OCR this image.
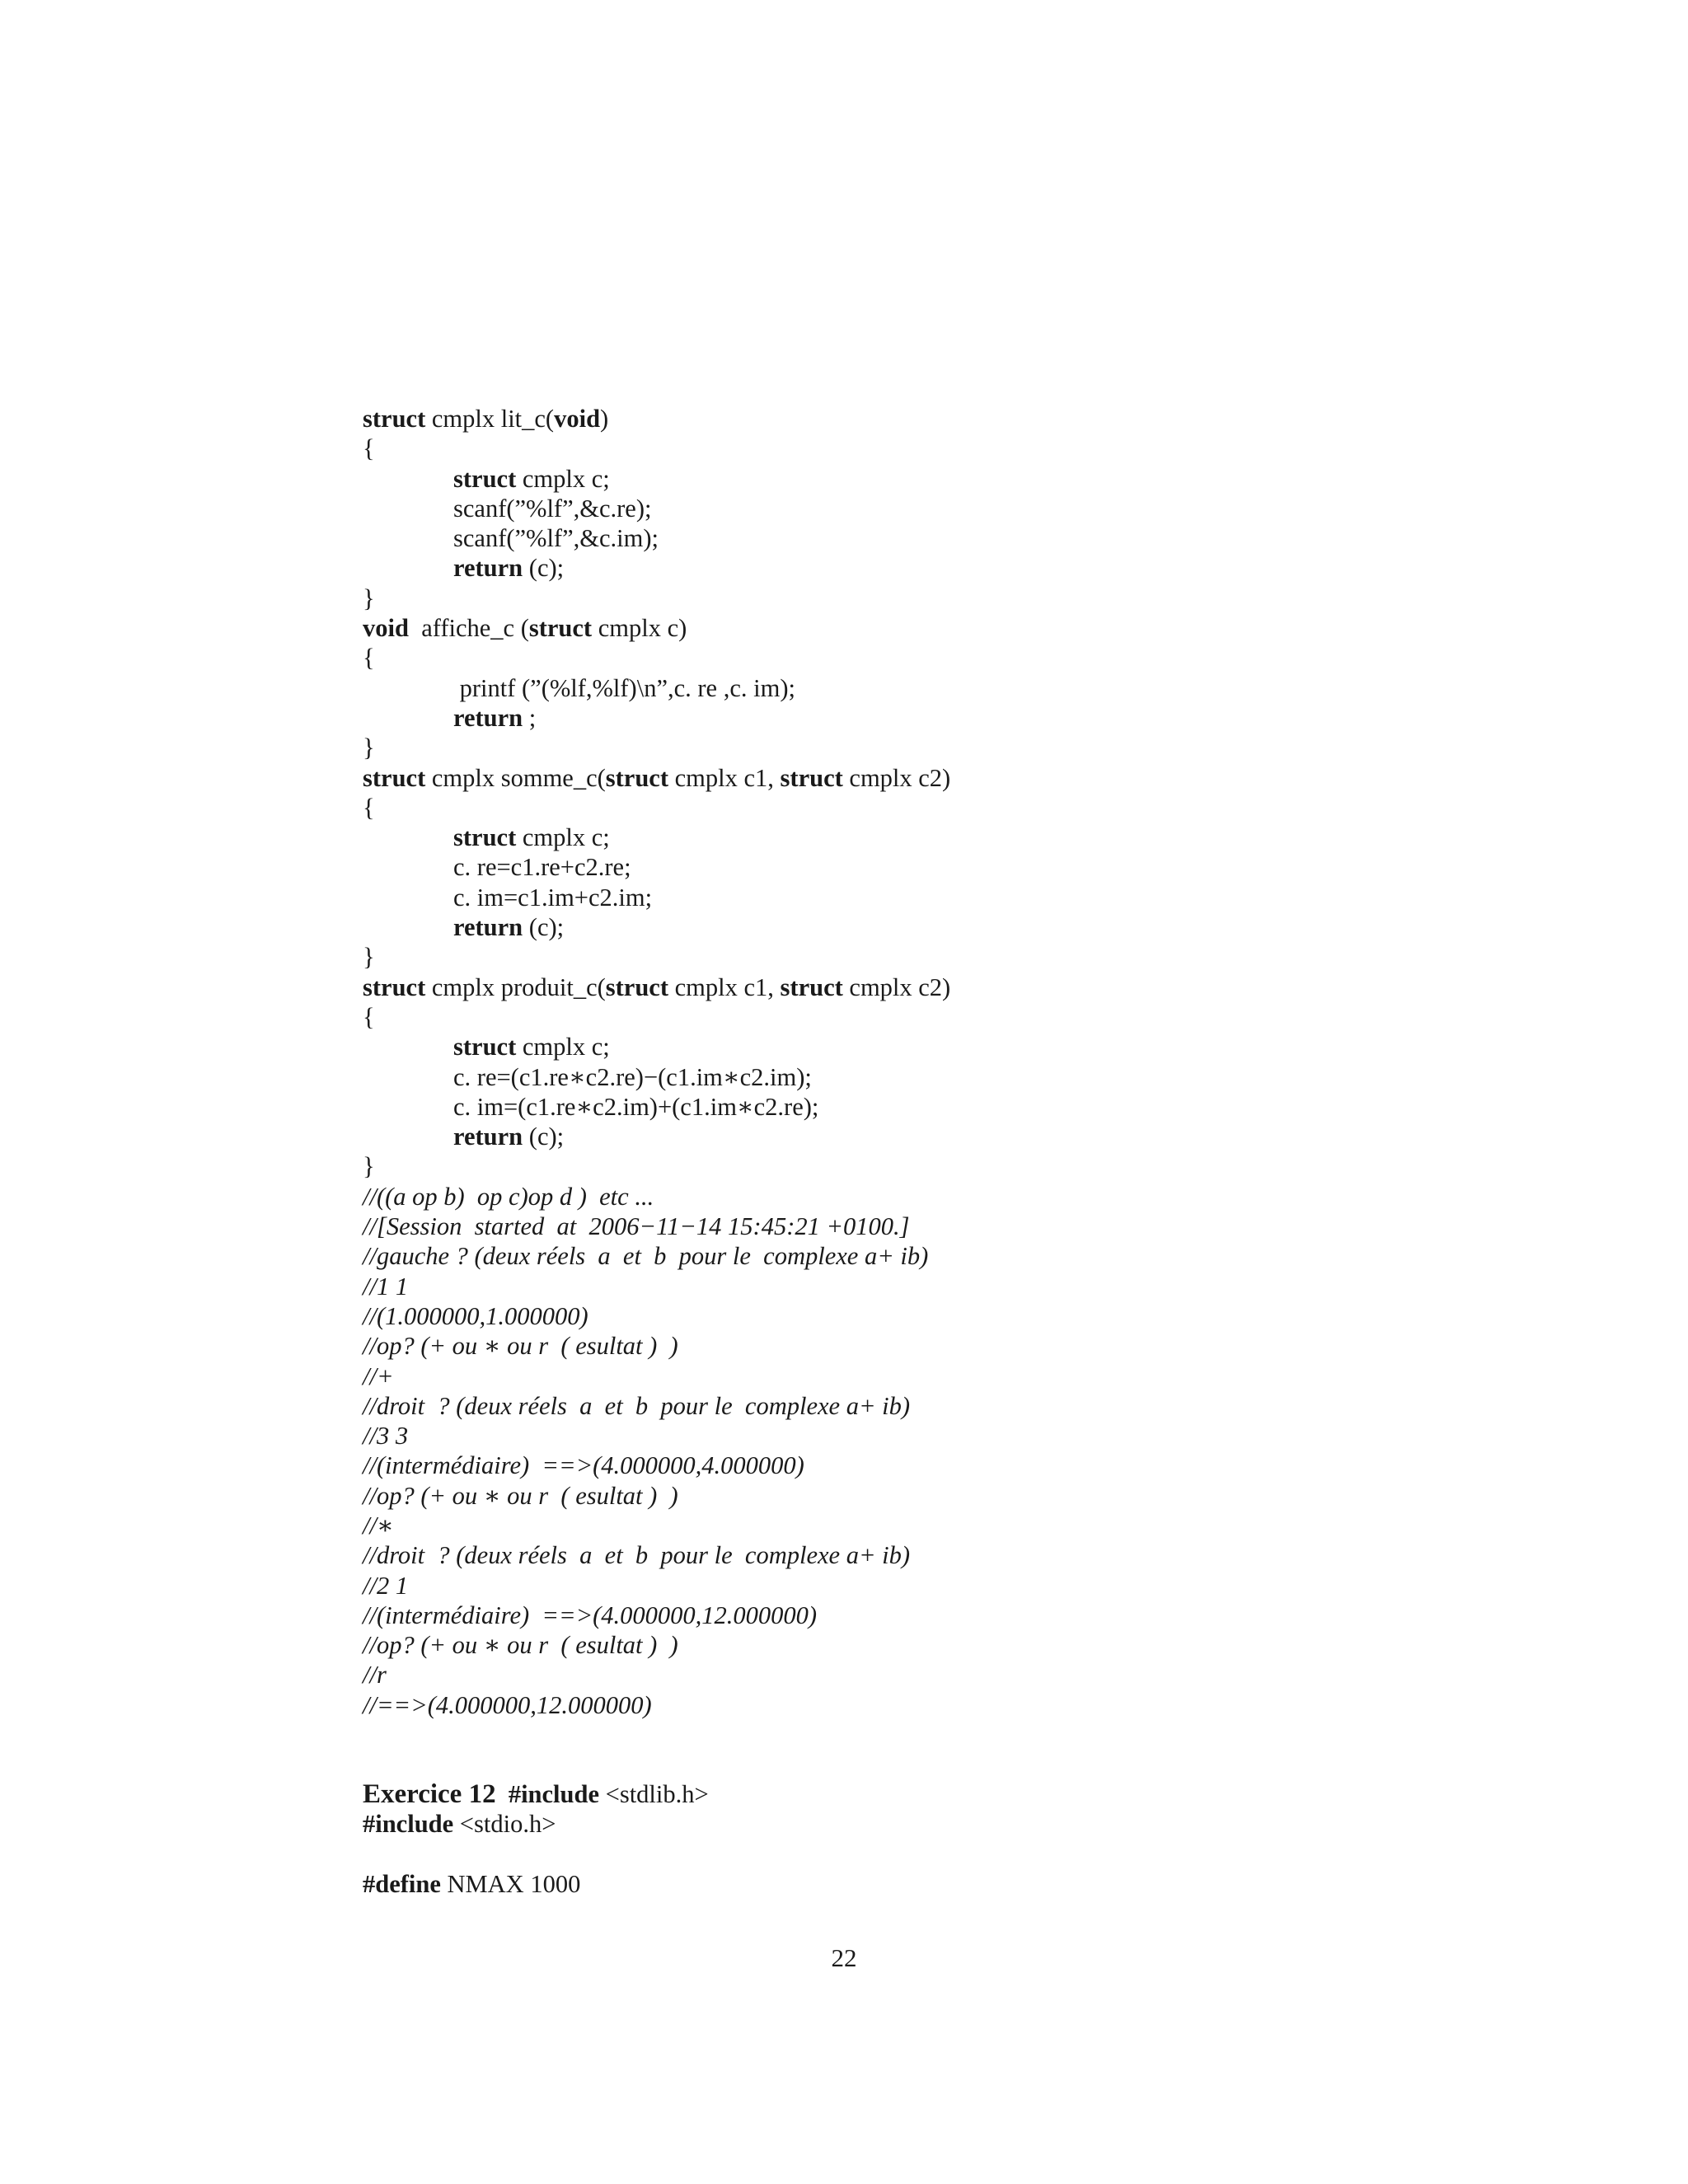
struct cmplx lit_c(void)
{
struct cmplx c;
scanf(”%lf”,&c.re);
scanf(”%lf”,&c.im);
return (c);
}
void  affiche_c (struct cmplx c)
{
printf (”(%lf,%lf)\n”,c. re ,c. im);
return ;
}
struct cmplx somme_c(struct cmplx c1, struct cmplx c2)
{
struct cmplx c;
c. re=c1.re+c2.re;
c. im=c1.im+c2.im;
return (c);
}
struct cmplx produit_c(struct cmplx c1, struct cmplx c2)
{
struct cmplx c;
c. re=(c1.re∗c2.re)−(c1.im∗c2.im);
c. im=(c1.re∗c2.im)+(c1.im∗c2.re);
return (c);
}
//((a op b)  op c)op d )  etc ...
//[Session  started  at  2006−11−14 15:45:21 +0100.]
//gauche ? (deux réels  a  et  b  pour le  complexe a+ ib)
//1 1
//(1.000000,1.000000)
//op? (+ ou ∗ ou r  ( esultat )  )
//+
//droit  ? (deux réels  a  et  b  pour le  complexe a+ ib)
//3 3
//(intermédiaire)  ==>(4.000000,4.000000)
//op? (+ ou ∗ ou r  ( esultat )  )
//∗
//droit  ? (deux réels  a  et  b  pour le  complexe a+ ib)
//2 1
//(intermédiaire)  ==>(4.000000,12.000000)
//op? (+ ou ∗ ou r  ( esultat )  )
//r
//==>(4.000000,12.000000)
Exercice 12 #include <stdlib.h>
#include <stdio.h>
#define NMAX 1000
22
